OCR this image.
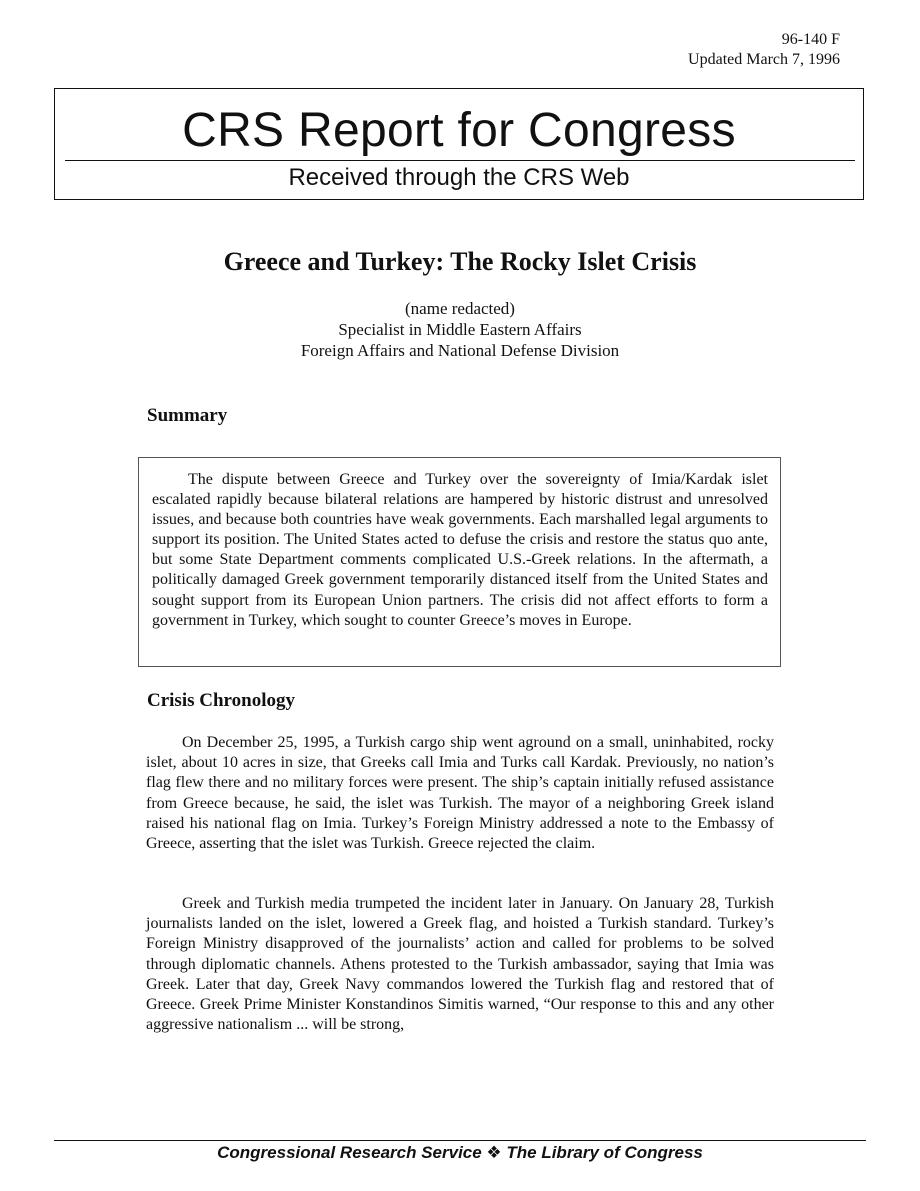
96-140 F
Updated March 7, 1996
CRS Report for Congress
Received through the CRS Web
Greece and Turkey: The Rocky Islet Crisis
(name redacted)
Specialist in Middle Eastern Affairs
Foreign Affairs and National Defense Division
Summary

The dispute between Greece and Turkey over the sovereignty of Imia/Kardak islet escalated rapidly because bilateral relations are hampered by historic distrust and unresolved issues, and because both countries have weak governments. Each marshalled legal arguments to support its position. The United States acted to defuse the crisis and restore the status quo ante, but some State Department comments complicated U.S.-Greek relations. In the aftermath, a politically damaged Greek government temporarily distanced itself from the United States and sought support from its European Union partners. The crisis did not affect efforts to form a government in Turkey, which sought to counter Greece’s moves in Europe.

Crisis Chronology

On December 25, 1995, a Turkish cargo ship went aground on a small, uninhabited, rocky islet, about 10 acres in size, that Greeks call Imia and Turks call Kardak. Previously, no nation’s flag flew there and no military forces were present. The ship’s captain initially refused assistance from Greece because, he said, the islet was Turkish. The mayor of a neighboring Greek island raised his national flag on Imia. Turkey’s Foreign Ministry addressed a note to the Embassy of Greece, asserting that the islet was Turkish. Greece rejected the claim.

Greek and Turkish media trumpeted the incident later in January. On January 28, Turkish journalists landed on the islet, lowered a Greek flag, and hoisted a Turkish standard. Turkey’s Foreign Ministry disapproved of the journalists’ action and called for problems to be solved through diplomatic channels. Athens protested to the Turkish ambassador, saying that Imia was Greek. Later that day, Greek Navy commandos lowered the Turkish flag and restored that of Greece. Greek Prime Minister Konstandinos Simitis warned, “Our response to this and any other aggressive nationalism ... will be strong,

Congressional Research Service ❖ The Library of Congress
